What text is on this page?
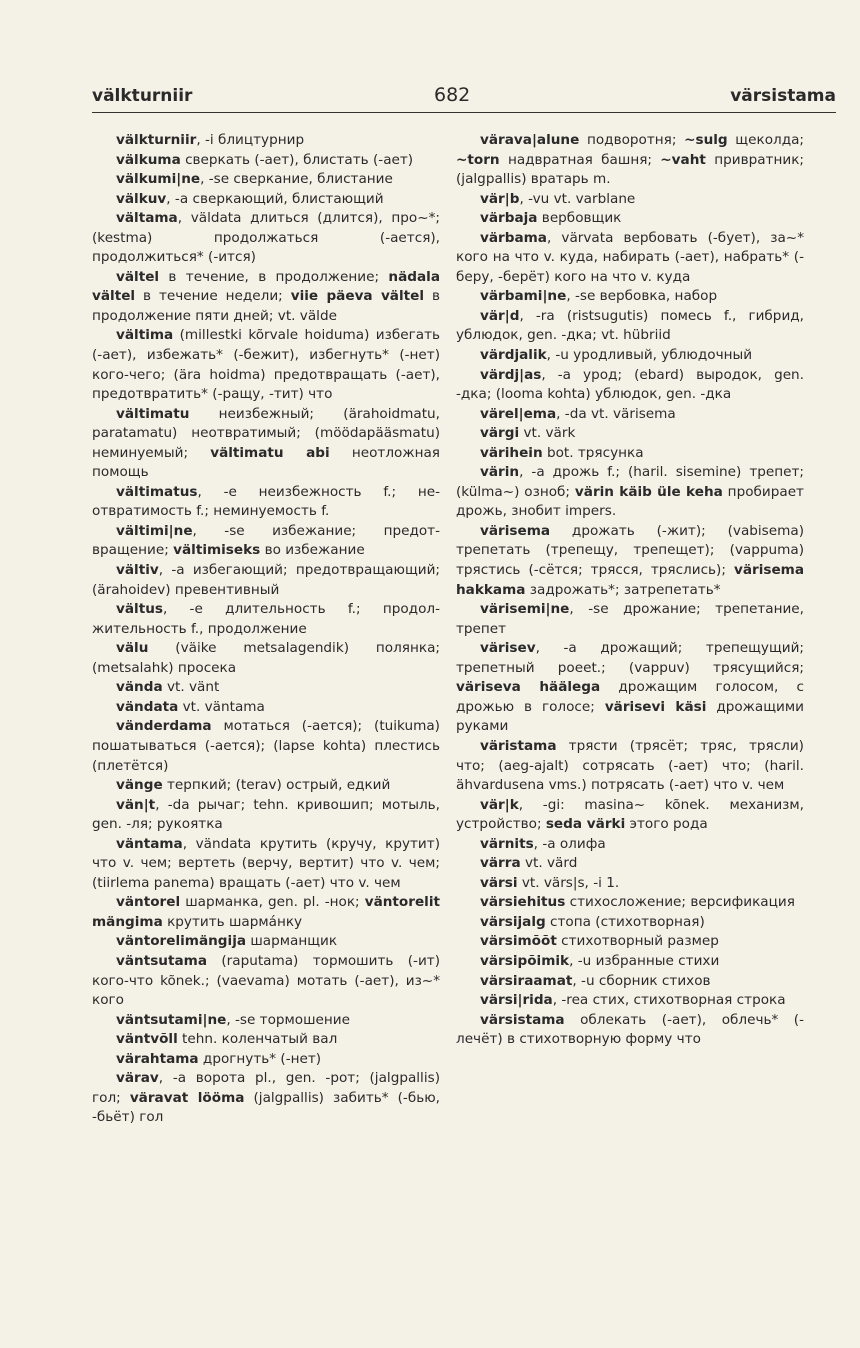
välkturniir	682	värsistama
välkturniir, -i блицтурнир
välkuma сверкать (-ает), блистать (-ает)
välkumi|ne, -se сверкание, блистание
välkuv, -a сверкающий, блистающий
vältama, väldata длиться (длится), про~*; (kestma) продолжаться (-ается), продолжиться* (-ится)
vältel в течение, в продолжение; nädala vältel в течение недели; viie päeva vältel в продолжение пяти дней; vt. välde
vältima (millestki kõrvale hoiduma) избегать (-ает), избежать* (-бежит), избегнуть* (-нет) кого-чего; (ära hoidma) предотвращать (-ает), предотвратить* (-ращу, -тит) что
vältimatu неизбежный; (ärahoidmatu, paratamatu) неотвратимый; (möödapääsmatu) неминуемый; vältimatu abi неотложная помощь
vältimatus, -e неизбежность f.; неотвратимость f.; неминуемость f.
vältimi|ne, -se избежание; предотвращение; vältimiseks во избежание
vältiv, -a избегающий; предотвращающий; (ärahoidev) превентивный
vältus, -e длительность f.; продолжительность f., продолжение
välu (väike metsalagendik) полянка; (metsalahk) просека
vända vt. vänt
vändata vt. väntama
vänderdama мотаться (-ается); (tuikuma) пошатываться (-ается); (lapse kohta) плестись (плетётся)
vänge терпкий; (terav) острый, едкий
vän|t, -da рычаг; tehn. кривошип; мотыль, gen. -ля; рукоятка
väntama, vändata крутить (кручу, крутит) что v. чем; вертеть (верчу, вертит) что v. чем; (tiirlema panema) вращать (-ает) что v. чем
väntorel шарманка, gen. pl. -нок; väntorelit mängima крутить шармáнку
väntorelimängija шарманщик
väntsutama (raputama) тормошить (-ит) кого-что kõnek.; (vaevama) мотать (-ает), из~* кого
väntsutami|ne, -se тормошение
väntvõll tehn. коленчатый вал
värahtama дрогнуть* (-нет)
värav, -a ворота pl., gen. -рот; (jalgpallis) гол; väravat lööma (jalgpallis) забить* (-бью, -бьёт) гол
värava|alune подворотня; ~sulg щеколда; ~torn надвратная башня; ~vaht привратник; (jalgpallis) вратарь m.
vär|b, -vu vt. varblane
värbaja вербовщик
värbama, värvata вербовать (-бует), за~* кого на что v. куда, набирать (-ает), набрать* (-беру, -берёт) кого на что v. куда
värbami|ne, -se вербовка, набор
vär|d, -ra (ristsugutis) помесь f., гибрид, ублюдок, gen. -дка; vt. hübriid
värdjalik, -u уродливый, ублюдочный
värdj|as, -a урод; (ebard) выродок, gen. -дка; (looma kohta) ублюдок, gen. -дка
värel|ema, -da vt. värisema
värgi vt. värk
värihein bot. трясунка
värin, -a дрожь f.; (haril. siseminе) трепет; (külma~) озноб; värin käib üle keha пробирает дрожь, знобит impers.
värisema дрожать (-жит); (vabisema) трепетать (трепещу, трепещет); (vappuma) трястись (-сётся; трясся, тряслись); värisema hakkama задрожать*; затрепетать*
värisemi|ne, -se дрожание; трепетание, трепет
värisev, -a дрожащий; трепещущий; трепетный poeet.; (vappuv) трясущийся; väriseva häälega дрожащим голосом, с дрожью в голосе; värisevi käsi дрожащими руками
väristama трясти (трясёт; тряс, трясли) что; (aeg-ajalt) сотрясать (-ает) что; (haril. ähvardusena vms.) потрясать (-ает) что v. чем
vär|k, -gi: masina~ kõnek. механизм, устройство; seda värki этого рода
värnits, -a олифа
värra vt. värd
värsi vt. värs|s, -i 1.
värsiehitus стихосложение; версификация
värsijalg стопа (стихотворная)
värsimõõt стихотворный размер
värsipõimik, -u избранные стихи
värsiraamat, -u сборник стихов
värsi|rida, -rea стих, стихотворная строка
värsistama облекать (-ает), облечь* (-лечёт) в стихотворную форму что
